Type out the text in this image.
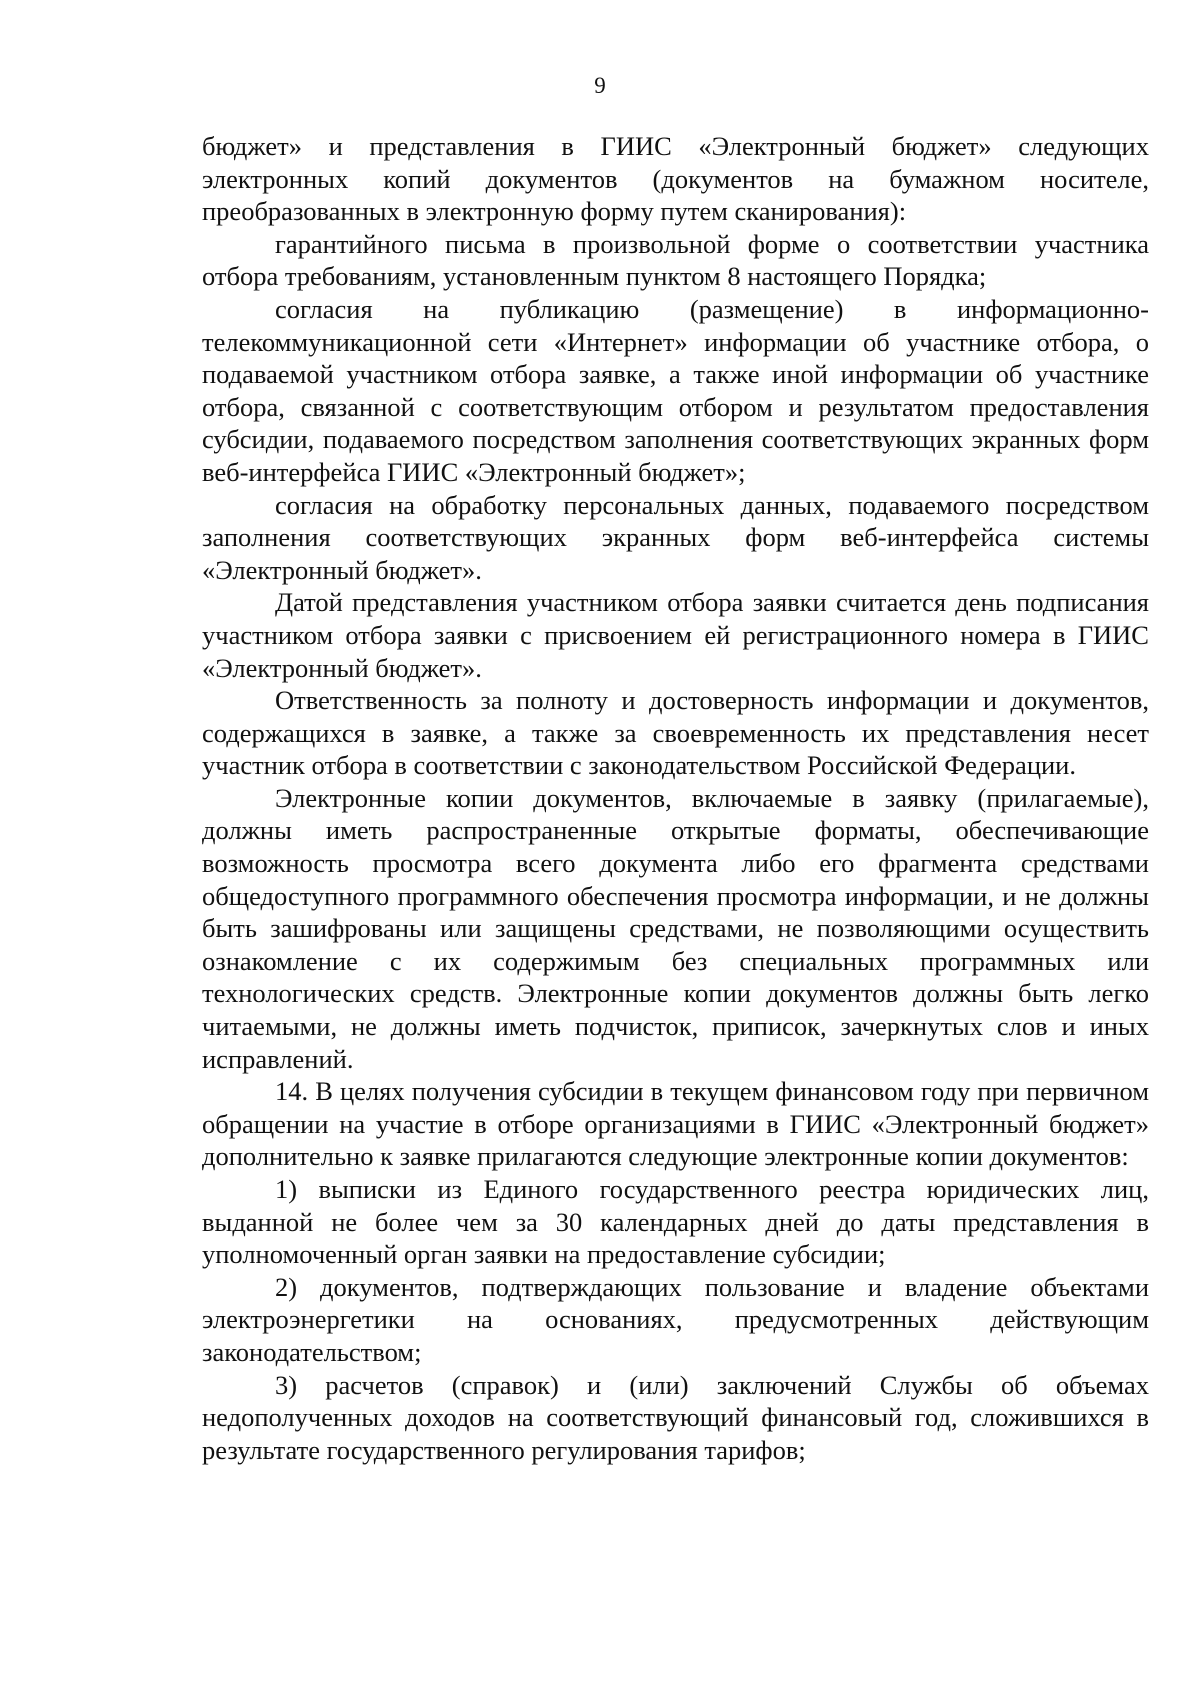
9

бюджет» и представления в ГИИС «Электронный бюджет» следующих электронных копий документов (документов на бумажном носителе, преобразованных в электронную форму путем сканирования):

гарантийного письма в произвольной форме о соответствии участника отбора требованиям, установленным пунктом 8 настоящего Порядка;

согласия на публикацию (размещение) в информационно-телекоммуникационной сети «Интернет» информации об участнике отбора, о подаваемой участником отбора заявке, а также иной информации об участнике отбора, связанной с соответствующим отбором и результатом предоставления субсидии, подаваемого посредством заполнения соответствующих экранных форм веб-интерфейса ГИИС «Электронный бюджет»;

согласия на обработку персональных данных, подаваемого посредством заполнения соответствующих экранных форм веб-интерфейса системы «Электронный бюджет».

Датой представления участником отбора заявки считается день подписания участником отбора заявки с присвоением ей регистрационного номера в ГИИС «Электронный бюджет».

Ответственность за полноту и достоверность информации и документов, содержащихся в заявке, а также за своевременность их представления несет участник отбора в соответствии с законодательством Российской Федерации.

Электронные копии документов, включаемые в заявку (прилагаемые), должны иметь распространенные открытые форматы, обеспечивающие возможность просмотра всего документа либо его фрагмента средствами общедоступного программного обеспечения просмотра информации, и не должны быть зашифрованы или защищены средствами, не позволяющими осуществить ознакомление с их содержимым без специальных программных или технологических средств. Электронные копии документов должны быть легко читаемыми, не должны иметь подчисток, приписок, зачеркнутых слов и иных исправлений.

14. В целях получения субсидии в текущем финансовом году при первичном обращении на участие в отборе организациями в ГИИС «Электронный бюджет» дополнительно к заявке прилагаются следующие электронные копии документов:

1) выписки из Единого государственного реестра юридических лиц, выданной не более чем за 30 календарных дней до даты представления в уполномоченный орган заявки на предоставление субсидии;

2) документов, подтверждающих пользование и владение объектами электроэнергетики на основаниях, предусмотренных действующим законодательством;

3) расчетов (справок) и (или) заключений Службы об объемах недополученных доходов на соответствующий финансовый год, сложившихся в результате государственного регулирования тарифов;
